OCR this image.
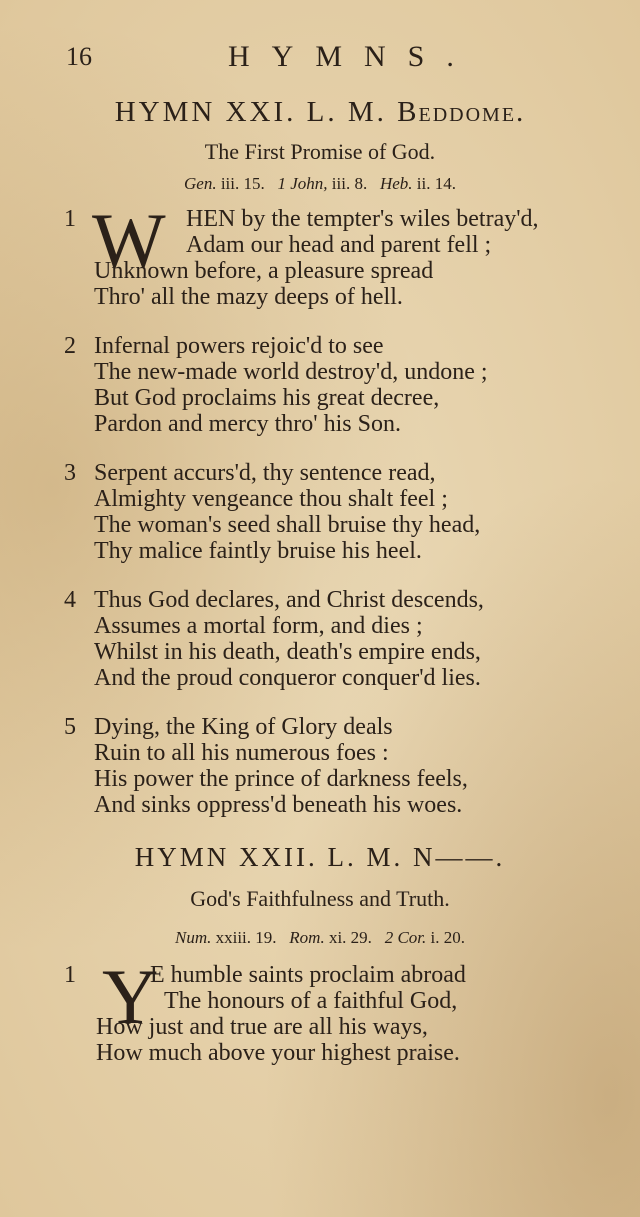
16	HYMNS.
HYMN XXI. L. M. Beddome.
The First Promise of God.
Gen. iii. 15. 1 John, iii. 8. Heb. ii. 14.
1 W HEN by the tempter's wiles betray'd,
Adam our head and parent fell ;
Unknown before, a pleasure spread
Thro' all the mazy deeps of hell.
2 Infernal powers rejoic'd to see
The new-made world destroy'd, undone ;
But God proclaims his great decree,
Pardon and mercy thro' his Son.
3 Serpent accurs'd, thy sentence read,
Almighty vengeance thou shalt feel ;
The woman's seed shall bruise thy head,
Thy malice faintly bruise his heel.
4 Thus God declares, and Christ descends,
Assumes a mortal form, and dies ;
Whilst in his death, death's empire ends,
And the proud conqueror conquer'd lies.
5 Dying, the King of Glory deals
Ruin to all his numerous foes :
His power the prince of darkness feels,
And sinks oppress'd beneath his woes.
HYMN XXII. L. M. N——.
God's Faithfulness and Truth.
Num. xxiii. 19. Rom. xi. 29. 2 Cor. i. 20.
1 Y
E humble saints proclaim abroad
The honours of a faithful God,
How just and true are all his ways,
How much above your highest praise.
